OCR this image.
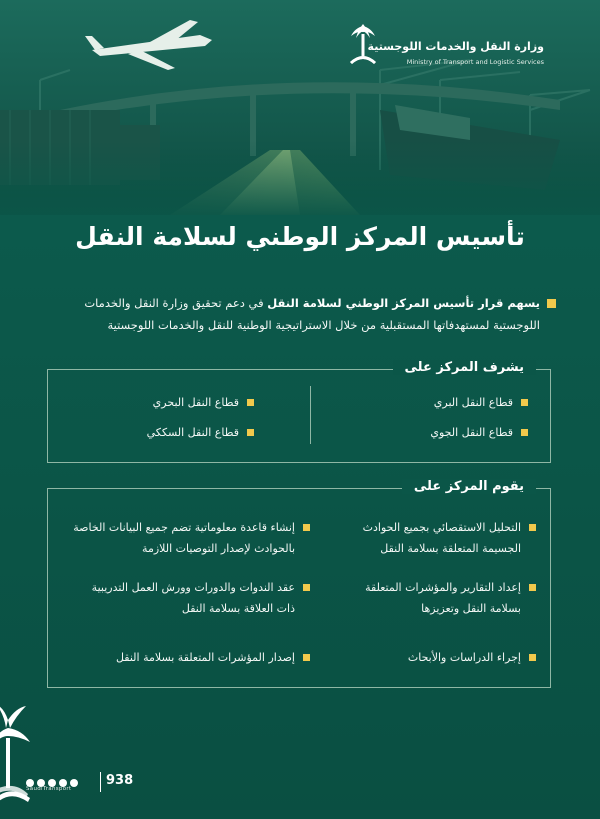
وزارة النقل والخدمات اللوجستية
Ministry of Transport and Logistic Services
تأسيس المركز الوطني لسلامة النقل
يسهم قرار تأسيس المركز الوطني لسلامة النقل في دعم تحقيق وزارة النقل والخدمات اللوجستية لمستهدفاتها المستقبلية من خلال الاستراتيجية الوطنية للنقل والخدمات اللوجستية
يشرف المركز على
قطاع النقل البري
قطاع النقل الجوي
قطاع النقل البحري
قطاع النقل السككي
يقوم المركز على
التحليل الاستقصائي بجميع الحوادث الجسيمة المتعلقة بسلامة النقل
إنشاء قاعدة معلوماتية تضم جميع البيانات الخاصة بالحوادث لإصدار التوصيات اللازمة
إعداد التقارير والمؤشرات المتعلقة بسلامة النقل وتعزيزها
عقد الندوات والدورات وورش العمل التدريبية ذات العلاقة بسلامة النقل
إجراء الدراسات والأبحاث
إصدار المؤشرات المتعلقة بسلامة النقل
SaudiTransport
938
